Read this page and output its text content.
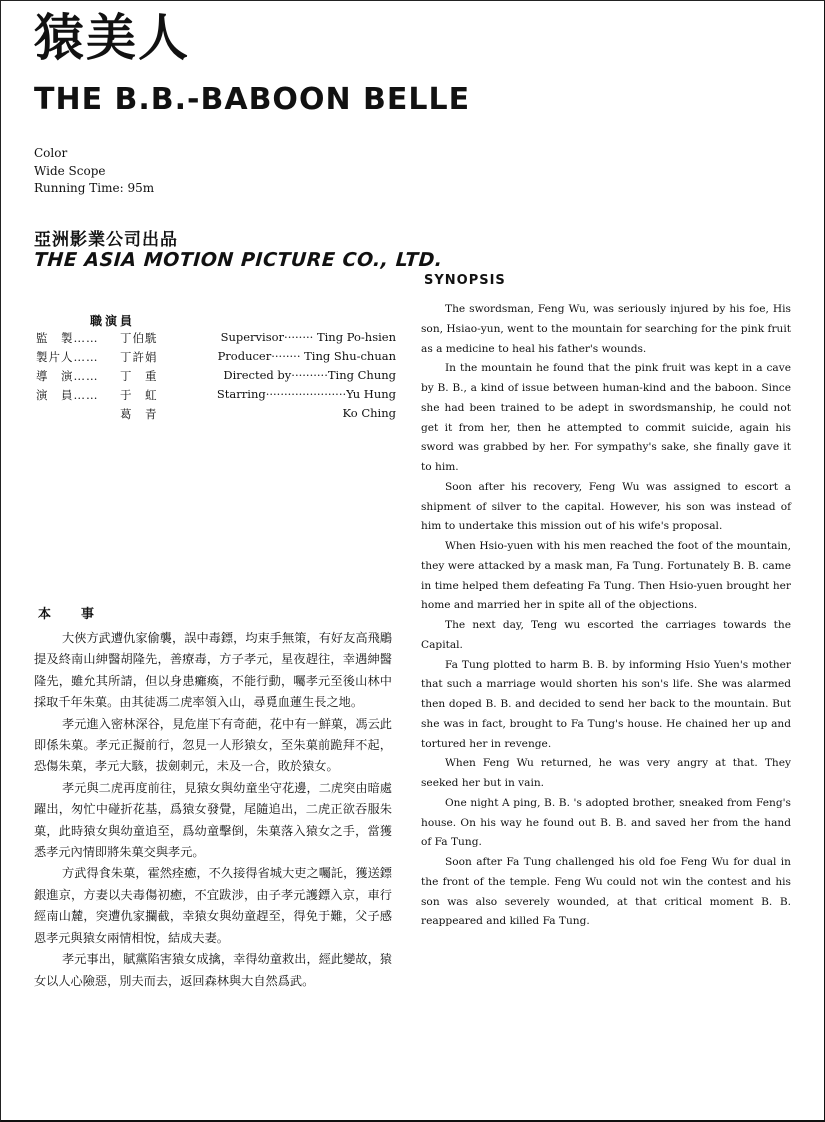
猿美人
THE B.B.-BABOON BELLE
Color
Wide Scope
Running Time: 95m
亞洲影業公司出品
THE ASIA MOTION PICTURE CO., LTD.
職演員
監　製…… 丁伯駪	Supervisor········ Ting Po-hsien
製片人…… 丁許娟	Producer········ Ting Shu-chuan
導　演…… 丁　重	Directed by··········Ting Chung
演　員…… 于　虹	Starring······················Yu Hung
葛　青	Ko Ching
SYNOPSIS

The swordsman, Feng Wu, was seriously injured by his foe, His son, Hsiao-yun, went to the mountain for searching for the pink fruit as a medicine to heal his father's wounds.

In the mountain he found that the pink fruit was kept in a cave by B. B., a kind of issue between human-kind and the baboon. Since she had been trained to be adept in swordsmanship, he could not get it from her, then he attempted to commit suicide, again his sword was grabbed by her. For sympathy's sake, she finally gave it to him.

Soon after his recovery, Feng Wu was assigned to escort a shipment of silver to the capital. However, his son was instead of him to undertake this mission out of his wife's proposal.

When Hsio-yuen with his men reached the foot of the mountain, they were attacked by a mask man, Fa Tung. Fortunately B. B. came in time helped them defeating Fa Tung. Then Hsio-yuen brought her home and married her in spite all of the objections.

The next day, Teng wu escorted the carriages towards the Capital.

Fa Tung plotted to harm B. B. by informing Hsio Yuen's mother that such a marriage would shorten his son's life. She was alarmed then doped B. B. and decided to send her back to the mountain. But she was in fact, brought to Fa Tung's house. He chained her up and tortured her in revenge.

When Feng Wu returned, he was very angry at that. They seeked her but in vain.

One night A ping, B. B. 's adopted brother, sneaked from Feng's house. On his way he found out B. B. and saved her from the hand of Fa Tung.

Soon after Fa Tung challenged his old foe Feng Wu for dual in the front of the temple. Feng Wu could not win the contest and his son was also severely wounded, at that critical moment B. B. reappeared and killed Fa Tung.

本事

大俠方武遭仇家偷襲，誤中毒鏢，均束手無策，有好友高飛鵰提及終南山紳醫胡隆先，善療毒，方子孝元，星夜趕往，幸遇紳醫隆先，雖允其所請，但以身患癱瘓，不能行動，囑孝元至後山林中採取千年朱菓。由其徒馮二虎率領入山，尋覓血蓮生長之地。

孝元進入密林深谷，見危崖下有奇葩，花中有一鮮菓，馮云此即係朱菓。孝元正擬前行，忽見一人形猿女，至朱菓前跪拜不起，恐傷朱菓，孝元大駭，拔劍刺元，未及一合，敗於猿女。

孝元與二虎再度前往，見猿女與幼童坐守花邊，二虎突由暗處躍出，匆忙中碰折花基，爲猿女發覺，尾隨追出，二虎正欲吞服朱菓，此時猿女與幼童追至，爲幼童擊倒，朱菓落入猿女之手，當獲悉孝元內情即將朱菓交與孝元。

方武得食朱菓，霍然痊癒，不久接得省城大吏之囑託，獲送鏢銀進京，方妻以夫毒傷初癒，不宜跋涉，由子孝元護鏢入京，車行經南山麓，突遭仇家攔截，幸猿女與幼童趕至，得免于難，父子感恩孝元與猿女兩情相悅，結成夫妻。

孝元事出，賦黨陷害猿女成擒，幸得幼童救出，經此變故，猿女以人心險惡，別夫而去，返回森林與大自然爲武。
